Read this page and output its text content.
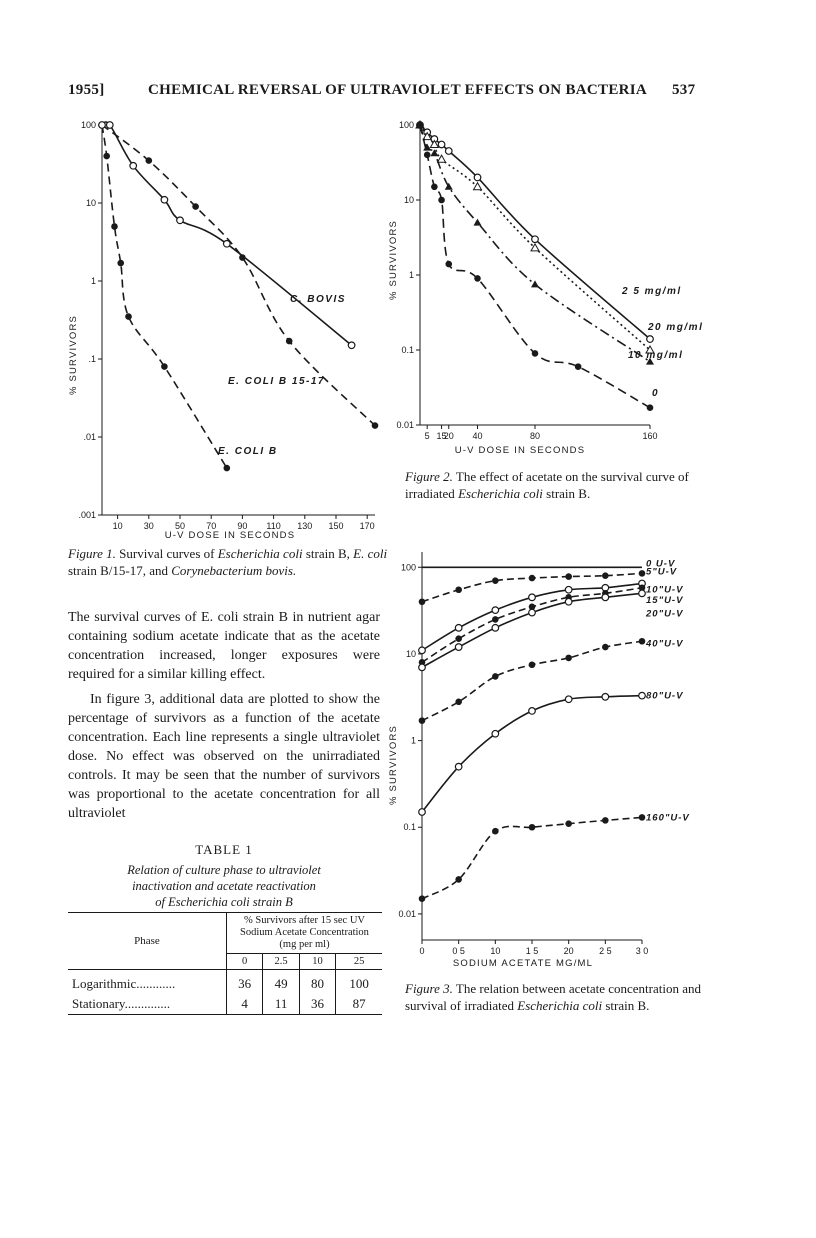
1955]	CHEMICAL REVERSAL OF ULTRAVIOLET EFFECTS ON BACTERIA 537
100
10
1
.1
.01
.001
10 30 50 70 90 110 130 150 170
U-V DOSE IN SECONDS
% SURVIVORS
C. BOVIS
E. COLI B 15-17
E. COLI B
Figure 1. Survival curves of Escherichia coli strain B, E. coli strain B/15-17, and Corynebacterium bovis.

The survival curves of E. coli strain B in nutrient agar containing sodium acetate indicate that as the acetate concentration increased, longer exposures were required for a similar killing effect.

In figure 3, additional data are plotted to show the percentage of survivors as a function of the acetate concentration. Each line represents a single ultraviolet dose. No effect was observed on the unirradiated controls. It may be seen that the number of survivors was proportional to the acetate concentration for all ultraviolet

TABLE 1
Relation of culture phase to ultraviolet
inactivation and acetate reactivation
of Escherichia coli strain B
Phase	% Survivors after 15 sec UV
Sodium Acetate Concentration
(mg per ml)			

	0	2.5	10	25
Logarithmic............	36	49	80	100
Stationary..............	4	11	36	87
100
10
1
0.1
0.01
5 15
20 40	80	160
U-V DOSE IN SECONDS
% SURVIVORS	2 5 mg/ml
20 mg/ml
10 mg/ml
0
Figure 2. The effect of acetate on the survival curve of irradiated Escherichia coli strain B.
100
10
1
0.1
0.01
0	0 5	10	1 5	20	2 5	3 0
0 U-V
5"U-V
10"U-V
15"U-V
20"U-V
40"U-V
80"U-V
160"U-V
SODIUM ACETATE MG/ML
% SURVIVORS
Figure 3. The relation between acetate concentration and survival of irradiated Escherichia coli strain B.
